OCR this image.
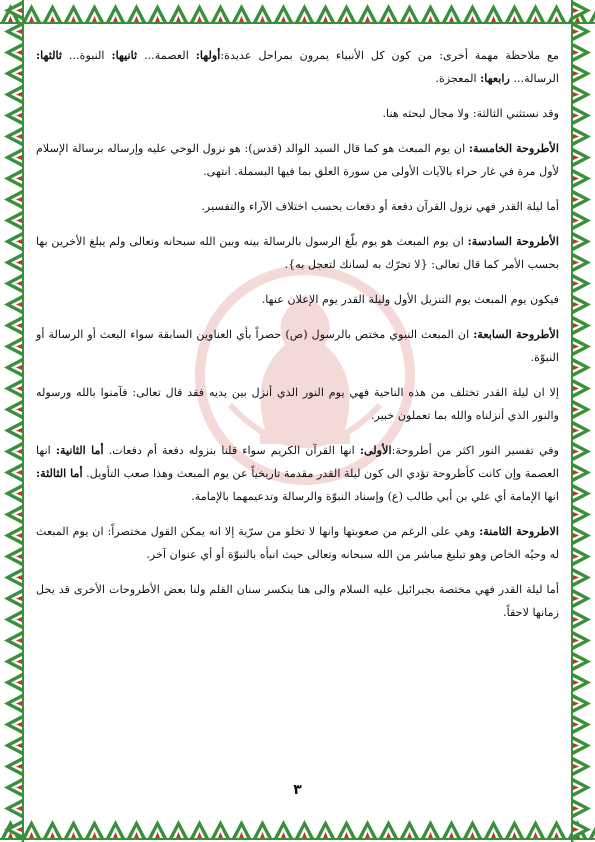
مع ملاحظة مهمة أخرى: من كون كل الأنبياء يمرون بمراحل عديدة:أولها: العصمة... ثانيها: النبوة... ثالثها: الرسالة... رابعها: المعجزة.

وقد نستثني الثالثة: ولا مجال لبحثه هنا.

الأطروحة الخامسة: ان يوم المبعث هو كما قال السيد الوالد (قدس): هو نزول الوحي عليه وإرساله برسالة الإسلام لأول مرة في غار حراء بالآيات الأولى من سورة العلق بما فيها البسملة. انتهى.

أما ليلة القدر فهي نزول القرآن دفعة أو دفعات بحسب اختلاف الآراء والتفسير.

الأطروحة السادسة: ان يوم المبعث هو يوم بلّغ الرسول بالرسالة بينه وبين الله سبحانه وتعالى ولم يبلغ الأخرين بها بحسب الأمر كما قال تعالى: {لا تحرّك به لسانك لتعجل به}.

فيكون يوم المبعث يوم التنزيل الأول وليلة القدر يوم الإعلان عنها.

الأطروحة السابعة: ان المبعث النبوي مختص بالرسول (ص) حصراً بأي العناوين السابقة سواء البعث أو الرسالة أو النبوّة.

إلا ان ليلة القدر تختلف من هذه الناحية فهي يوم النور الذي أنزل بين يديه فقد قال تعالى: فآمنوا بالله ورسوله والنور الذي أنزلناه والله بما تعملون خبير.

وفي تفسير النور اكثر من أطروحة:الأولى: انها القرآن الكريم سواء قلنا بنزوله دفعة أم دفعات. أما الثانية: انها العصمة وإن كانت كأطروحة تؤدي الى كون ليلة القدر مقدمة تاريخياً عن يوم المبعث وهذا صعب التأويل. أما الثالثة: انها الإمامة أي علي بن أبي طالب (ع) وإسناد النبوّة والرسالة وتدعيمهما بالإمامة.

الاطروحة الثامنة: وهي على الرغم من صعوبتها وانها لا تخلو من سرّية إلا انه يمكن القول مختصراً: ان يوم المبعث له وحيُه الخاص وهو تبليغ مباشر من الله سبحانه وتعالى حيث انبأه بالنبوّة أو أي عنوان آخر.

أما ليلة القدر فهي مختصة بجبرائيل عليه السلام والى هنا ينكسر سنان القلم ولنا بعض الأطروحات الأخرى قد يحل زمانها لاحقاً.

٣
